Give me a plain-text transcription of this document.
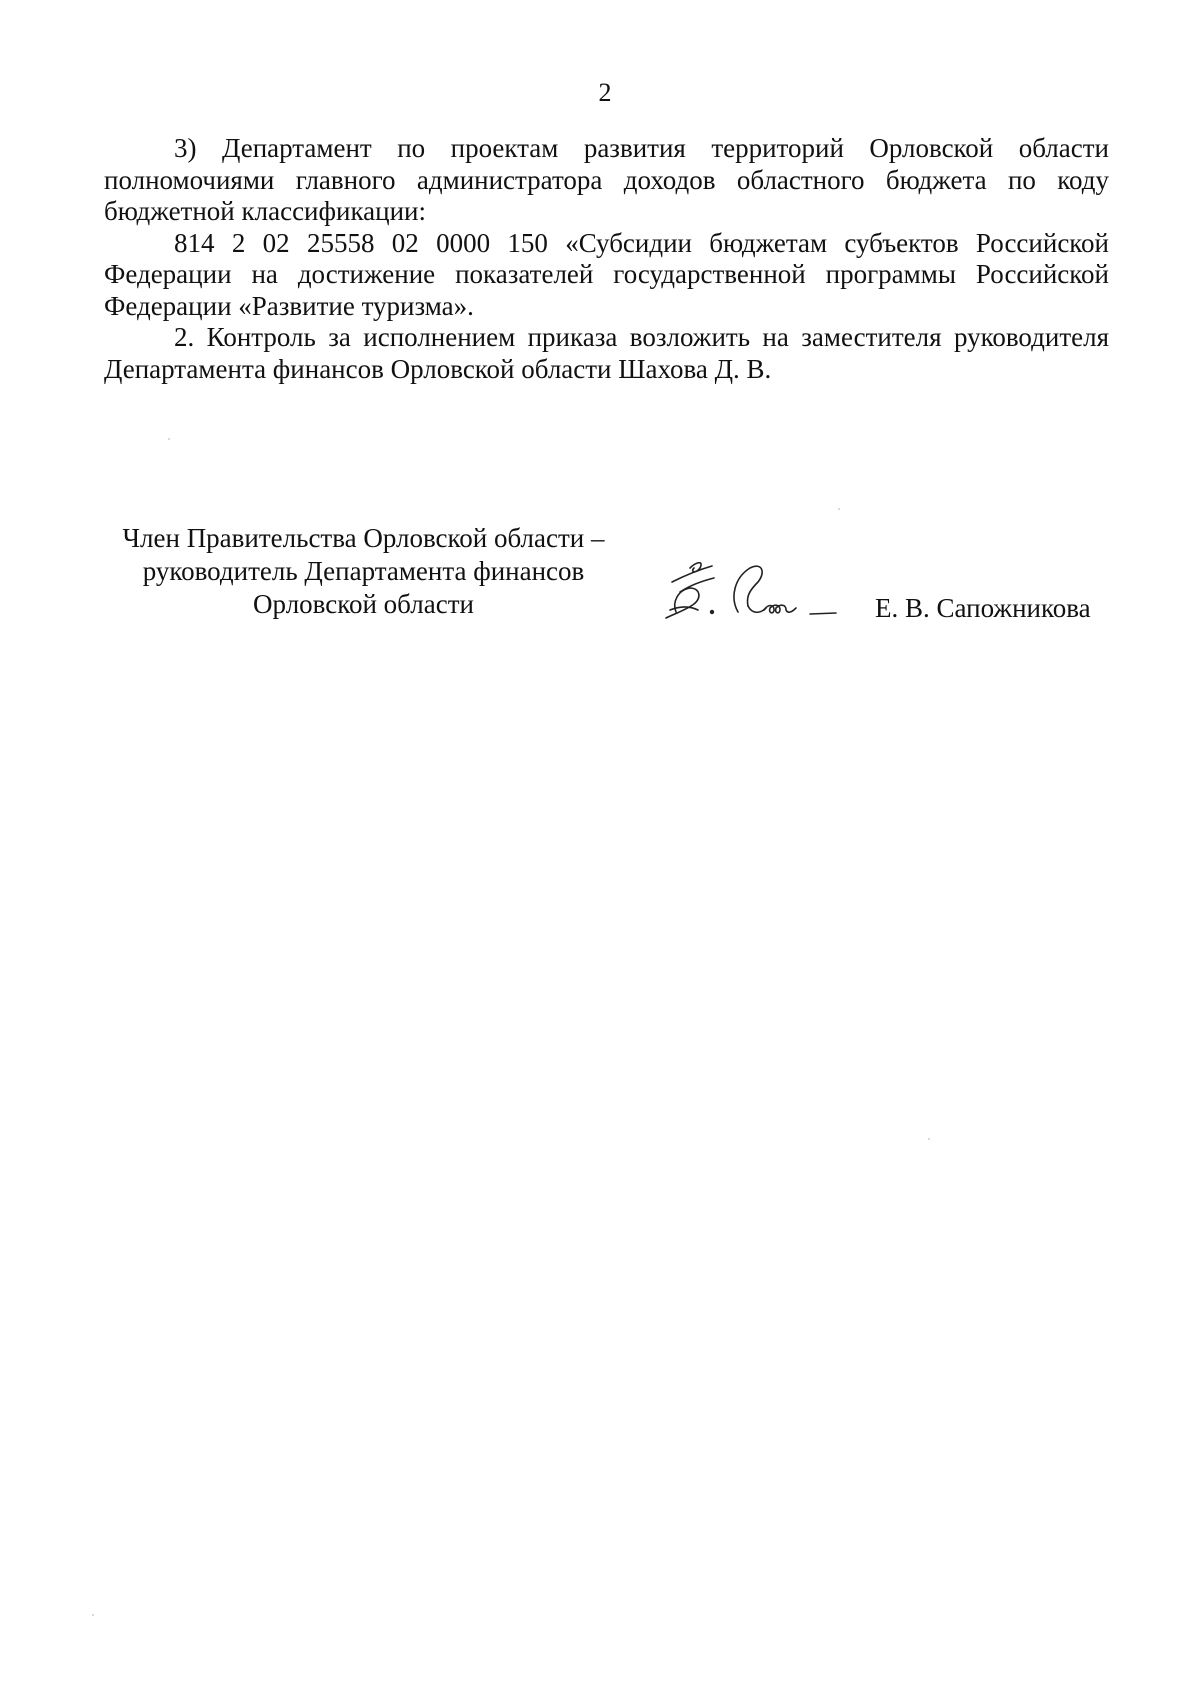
2

3) Департамент по проектам развития территорий Орловской области полномочиями главного администратора доходов областного бюджета по коду бюджетной классификации:

814 2 02 25558 02 0000 150 «Субсидии бюджетам субъектов Российской Федерации на достижение показателей государственной программы Российской Федерации «Развитие туризма».

2. Контроль за исполнением приказа возложить на заместителя руководителя Департамента финансов Орловской области Шахова Д. В.

Член Правительства Орловской области –
руководитель Департамента финансов
Орловской области	Е. В. Сапожникова
